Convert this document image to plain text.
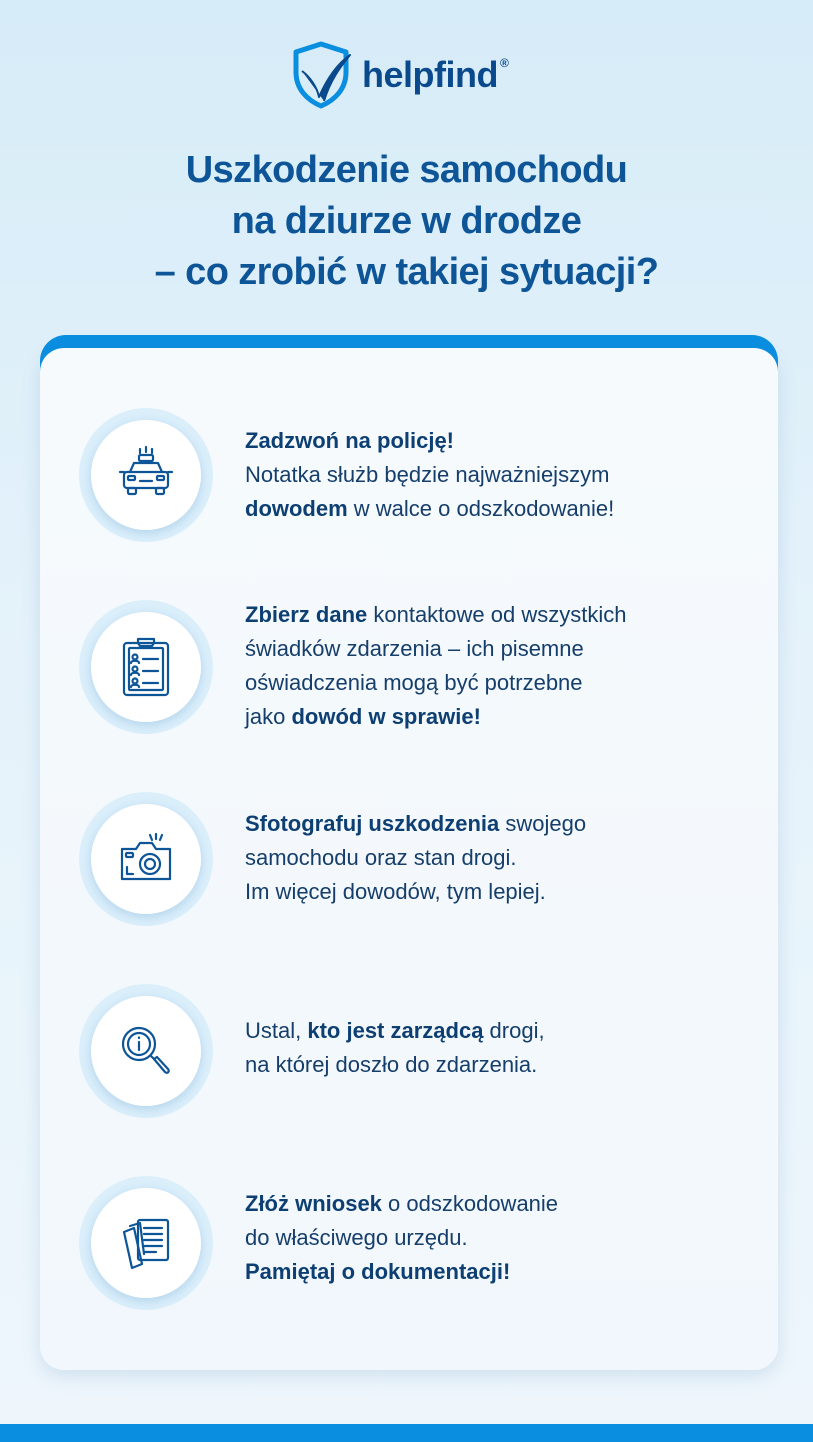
helpfind ®
Uszkodzenie samochodu
na dziurze w drodze
– co zrobić w takiej sytuacji?
Zadzwoń na policję!
Notatka służb będzie najważniejszym
dowodem w walce o odszkodowanie!
Zbierz dane kontaktowe od wszystkich
świadków zdarzenia – ich pisemne
oświadczenia mogą być potrzebne
jako dowód w sprawie!
Sfotografuj uszkodzenia swojego
samochodu oraz stan drogi.
Im więcej dowodów, tym lepiej.
Ustal, kto jest zarządcą drogi,
na której doszło do zdarzenia.
Złóż wniosek o odszkodowanie
do właściwego urzędu.
Pamiętaj o dokumentacji!
